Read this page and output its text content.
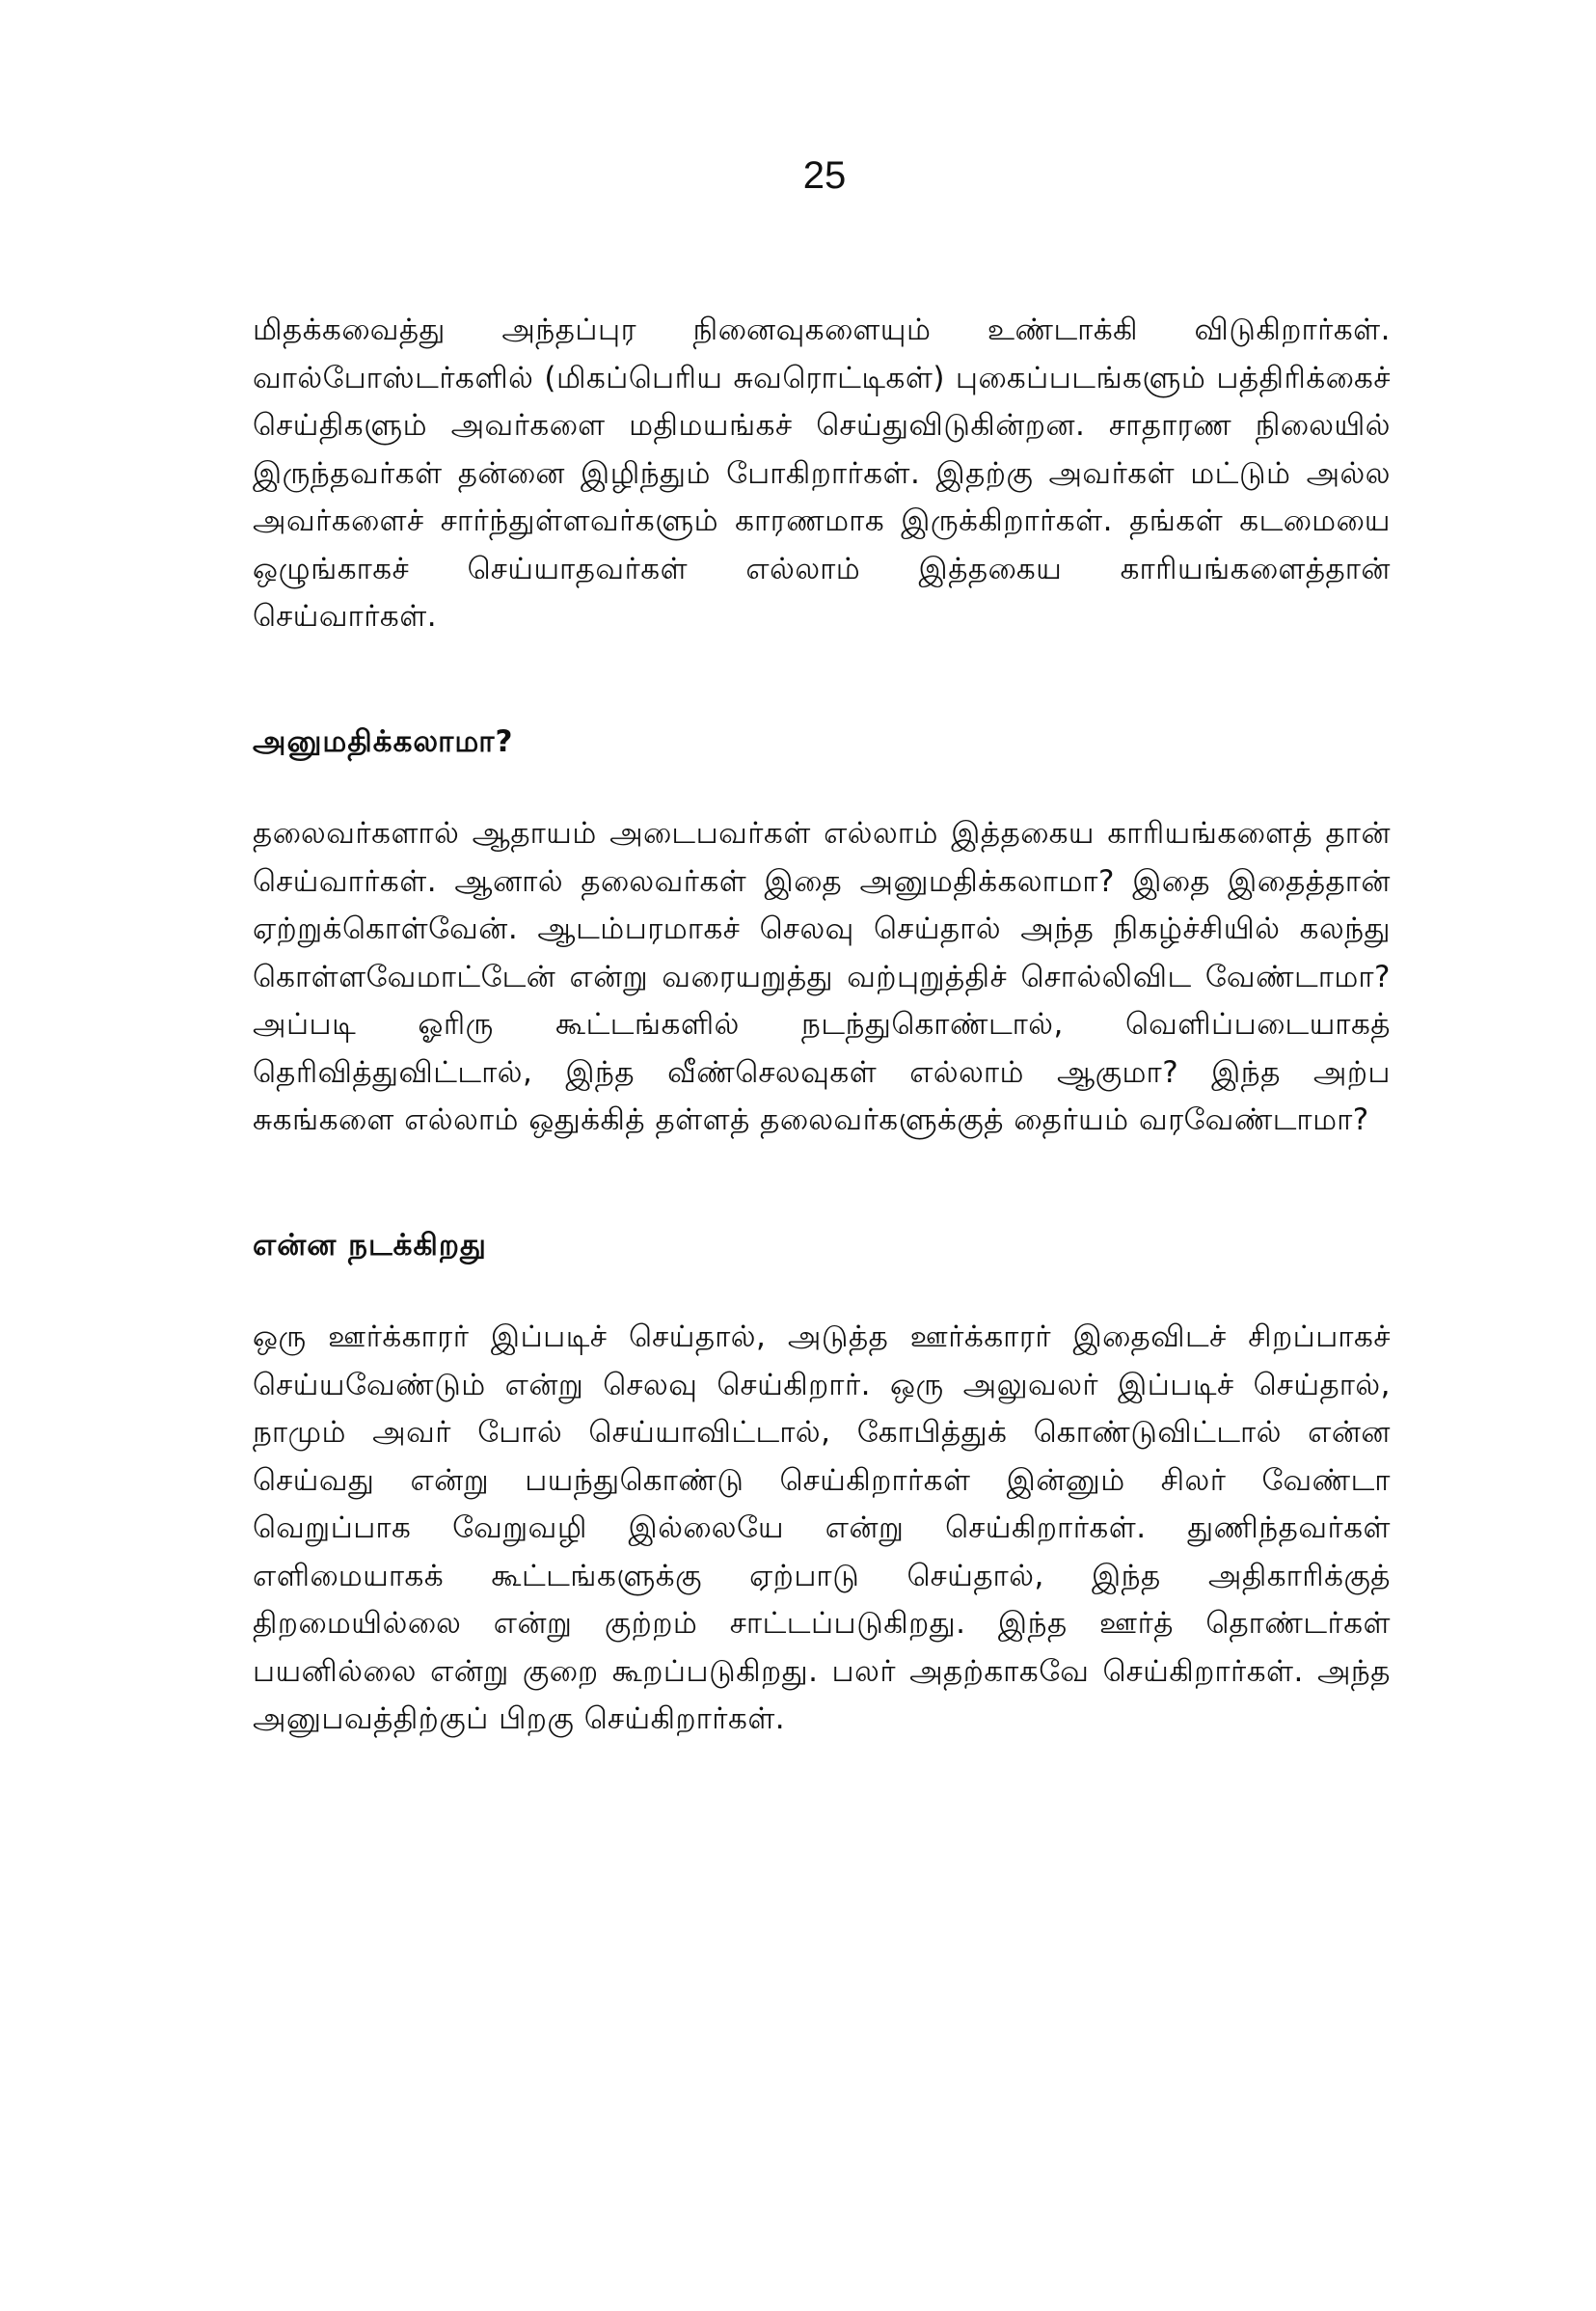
25

மிதக்கவைத்து அந்தப்புர நினைவுகளையும் உண்டாக்கி விடுகிறார்கள். வால்போஸ்டர்களில் (மிகப்பெரிய சுவரொட்டிகள்) புகைப்படங்களும் பத்திரிக்கைச் செய்திகளும் அவர்களை மதிமயங்கச் செய்துவிடுகின்றன. சாதாரண நிலையில் இருந்தவர்கள் தன்னை இழிந்தும் போகிறார்கள். இதற்கு அவர்கள் மட்டும் அல்ல அவர்களைச் சார்ந்துள்ளவர்களும் காரணமாக இருக்கிறார்கள். தங்கள் கடமையை ஒழுங்காகச் செய்யாதவர்கள் எல்லாம் இத்தகைய காரியங்களைத்தான் செய்வார்கள்.

அனுமதிக்கலாமா?

தலைவர்களால் ஆதாயம் அடைபவர்கள் எல்லாம் இத்தகைய காரியங்களைத் தான் செய்வார்கள். ஆனால் தலைவர்கள் இதை அனுமதிக்கலாமா? இதை இதைத்தான் ஏற்றுக்கொள்வேன். ஆடம்பரமாகச் செலவு செய்தால் அந்த நிகழ்ச்சியில் கலந்து கொள்ளவேமாட்டேன் என்று வரையறுத்து வற்புறுத்திச் சொல்லிவிட வேண்டாமா? அப்படி ஓரிரு கூட்டங்களில் நடந்துகொண்டால், வெளிப்படையாகத் தெரிவித்துவிட்டால், இந்த வீண்செலவுகள் எல்லாம் ஆகுமா? இந்த அற்ப சுகங்களை எல்லாம் ஒதுக்கித் தள்ளத் தலைவர்களுக்குத் தைர்யம் வரவேண்டாமா?

என்ன நடக்கிறது

ஒரு ஊர்க்காரர் இப்படிச் செய்தால், அடுத்த ஊர்க்காரர் இதைவிடச் சிறப்பாகச் செய்யவேண்டும் என்று செலவு செய்கிறார். ஒரு அலுவலர் இப்படிச் செய்தால், நாமும் அவர் போல் செய்யாவிட்டால், கோபித்துக் கொண்டுவிட்டால் என்ன செய்வது என்று பயந்துகொண்டு செய்கிறார்கள் இன்னும் சிலர் வேண்டா வெறுப்பாக வேறுவழி இல்லையே என்று செய்கிறார்கள். துணிந்தவர்கள் எளிமையாகக் கூட்டங்களுக்கு ஏற்பாடு செய்தால், இந்த அதிகாரிக்குத் திறமையில்லை என்று குற்றம் சாட்டப்படுகிறது. இந்த ஊர்த் தொண்டர்கள் பயனில்லை என்று குறை கூறப்படுகிறது. பலர் அதற்காகவே செய்கிறார்கள். அந்த அனுபவத்திற்குப் பிறகு செய்கிறார்கள்.
